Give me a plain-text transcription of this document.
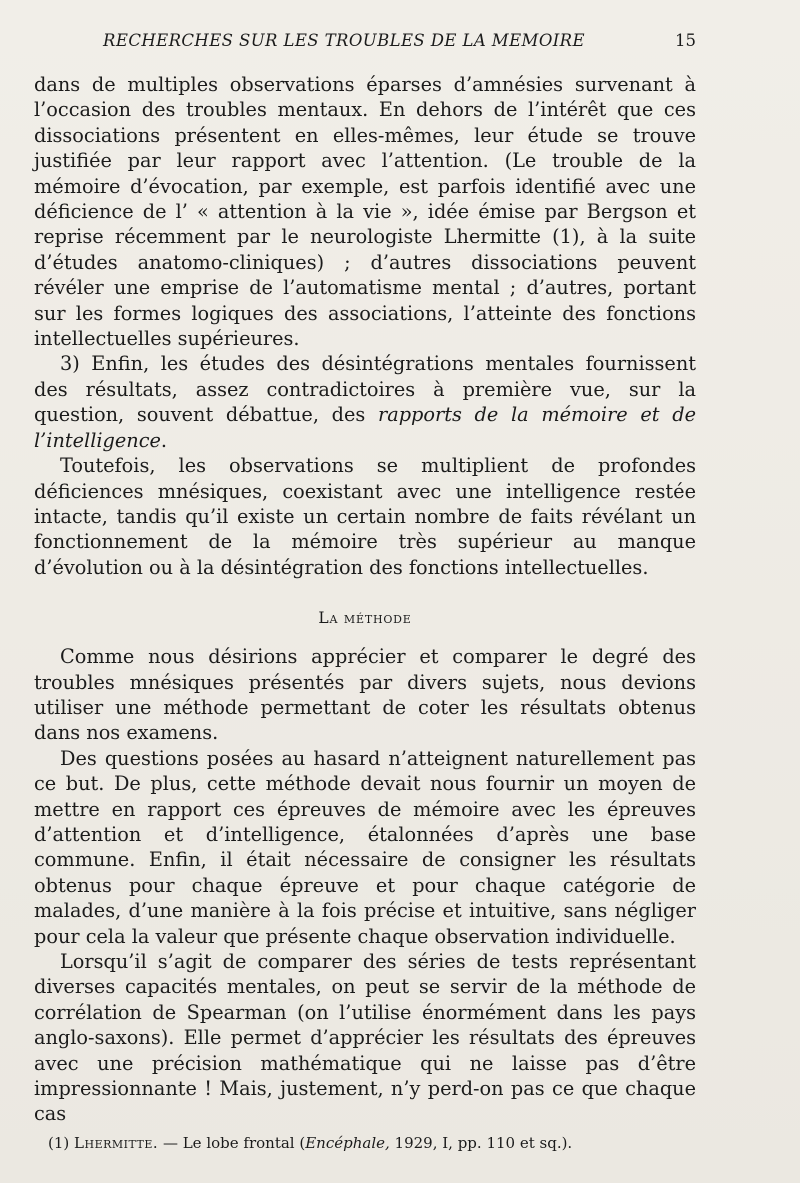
RECHERCHES SUR LES TROUBLES DE LA MEMOIRE	15

dans de multiples observations éparses d’amnésies survenant à l’occasion des troubles mentaux. En dehors de l’intérêt que ces dissociations présentent en elles-mêmes, leur étude se trouve justifiée par leur rapport avec l’attention. (Le trouble de la mémoire d’évocation, par exemple, est parfois identifié avec une déficience de l’ « attention à la vie », idée émise par Bergson et reprise récemment par le neurologiste Lhermitte (1), à la suite d’études anatomo-cliniques) ; d’autres dissociations peuvent révéler une emprise de l’automatisme mental ; d’autres, portant sur les formes logiques des associations, l’atteinte des fonctions intellectuelles supérieures.

3) Enfin, les études des désintégrations mentales fournissent des résultats, assez contradictoires à première vue, sur la question, souvent débattue, des rapports de la mémoire et de l’intelligence.

Toutefois, les observations se multiplient de profondes déficiences mnésiques, coexistant avec une intelligence restée intacte, tandis qu’il existe un certain nombre de faits révélant un fonctionnement de la mémoire très supérieur au manque d’évolution ou à la désintégration des fonctions intellectuelles.

La méthode

Comme nous désirions apprécier et comparer le degré des troubles mnésiques présentés par divers sujets, nous devions utiliser une méthode permettant de coter les résultats obtenus dans nos examens.

Des questions posées au hasard n’atteignent naturellement pas ce but. De plus, cette méthode devait nous fournir un moyen de mettre en rapport ces épreuves de mémoire avec les épreuves d’attention et d’intelligence, étalonnées d’après une base commune. Enfin, il était nécessaire de consigner les résultats obtenus pour chaque épreuve et pour chaque catégorie de malades, d’une manière à la fois précise et intuitive, sans négliger pour cela la valeur que présente chaque observation individuelle.

Lorsqu’il s’agit de comparer des séries de tests représentant diverses capacités mentales, on peut se servir de la méthode de corrélation de Spearman (on l’utilise énormément dans les pays anglo-saxons). Elle permet d’apprécier les résultats des épreuves avec une précision mathématique qui ne laisse pas d’être impressionnante ! Mais, justement, n’y perd-on pas ce que chaque cas

(1) Lhermitte. — Le lobe frontal (Encéphale, 1929, I, pp. 110 et sq.).
